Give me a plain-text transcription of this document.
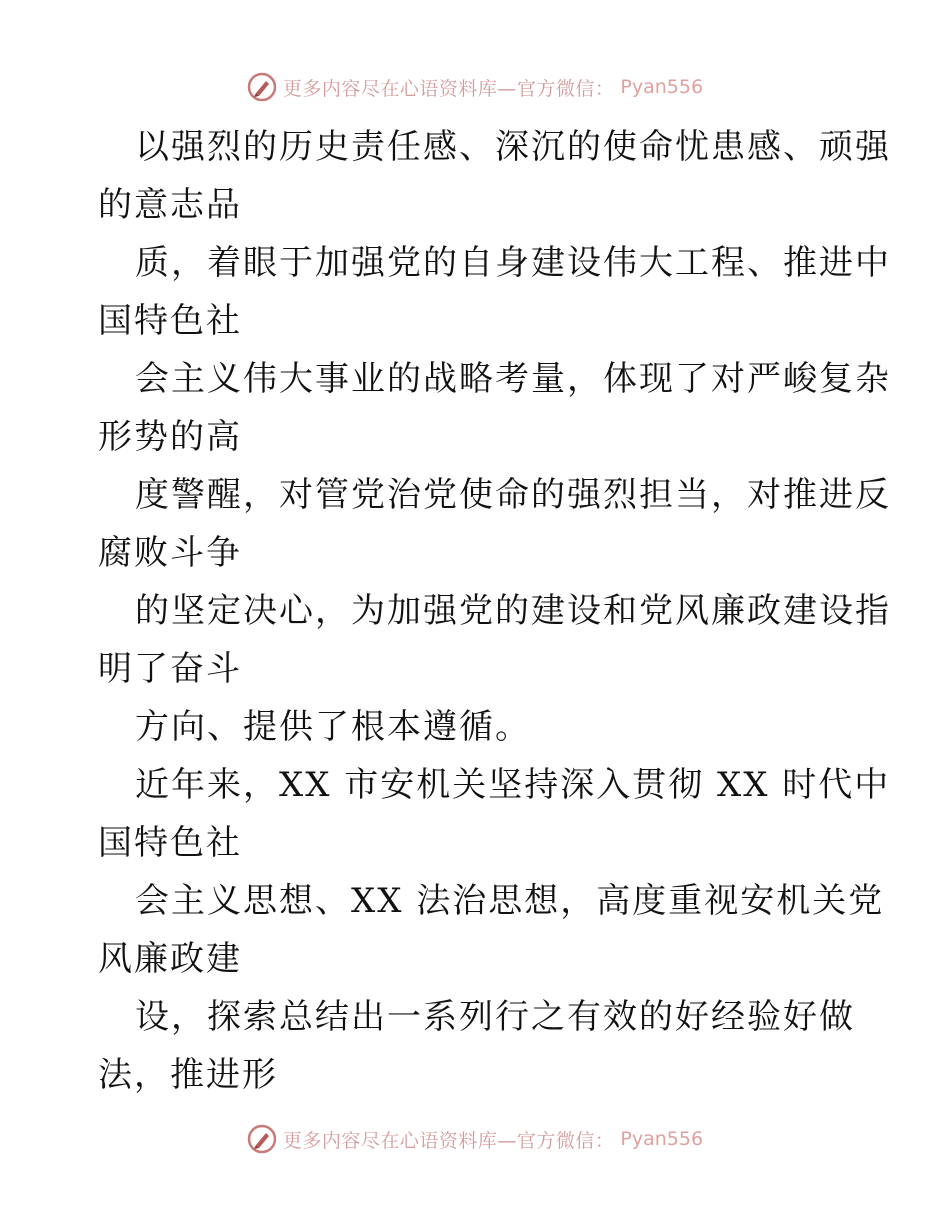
更多内容尽在心语资料库—官方微信： Pyan556
以强烈的历史责任感、深沉的使命忧患感、顽强
的意志品
质，着眼于加强党的自身建设伟大工程、推进中
国特色社
会主义伟大事业的战略考量，体现了对严峻复杂
形势的高
度警醒，对管党治党使命的强烈担当，对推进反
腐败斗争
的坚定决心，为加强党的建设和党风廉政建设指
明了奋斗
方向、提供了根本遵循。
近年来，XX 市安机关坚持深入贯彻 XX 时代中
国特色社
会主义思想、XX 法治思想，高度重视安机关党
风廉政建
设，探索总结出一系列行之有效的好经验好做
法，推进形
更多内容尽在心语资料库—官方微信： Pyan556
